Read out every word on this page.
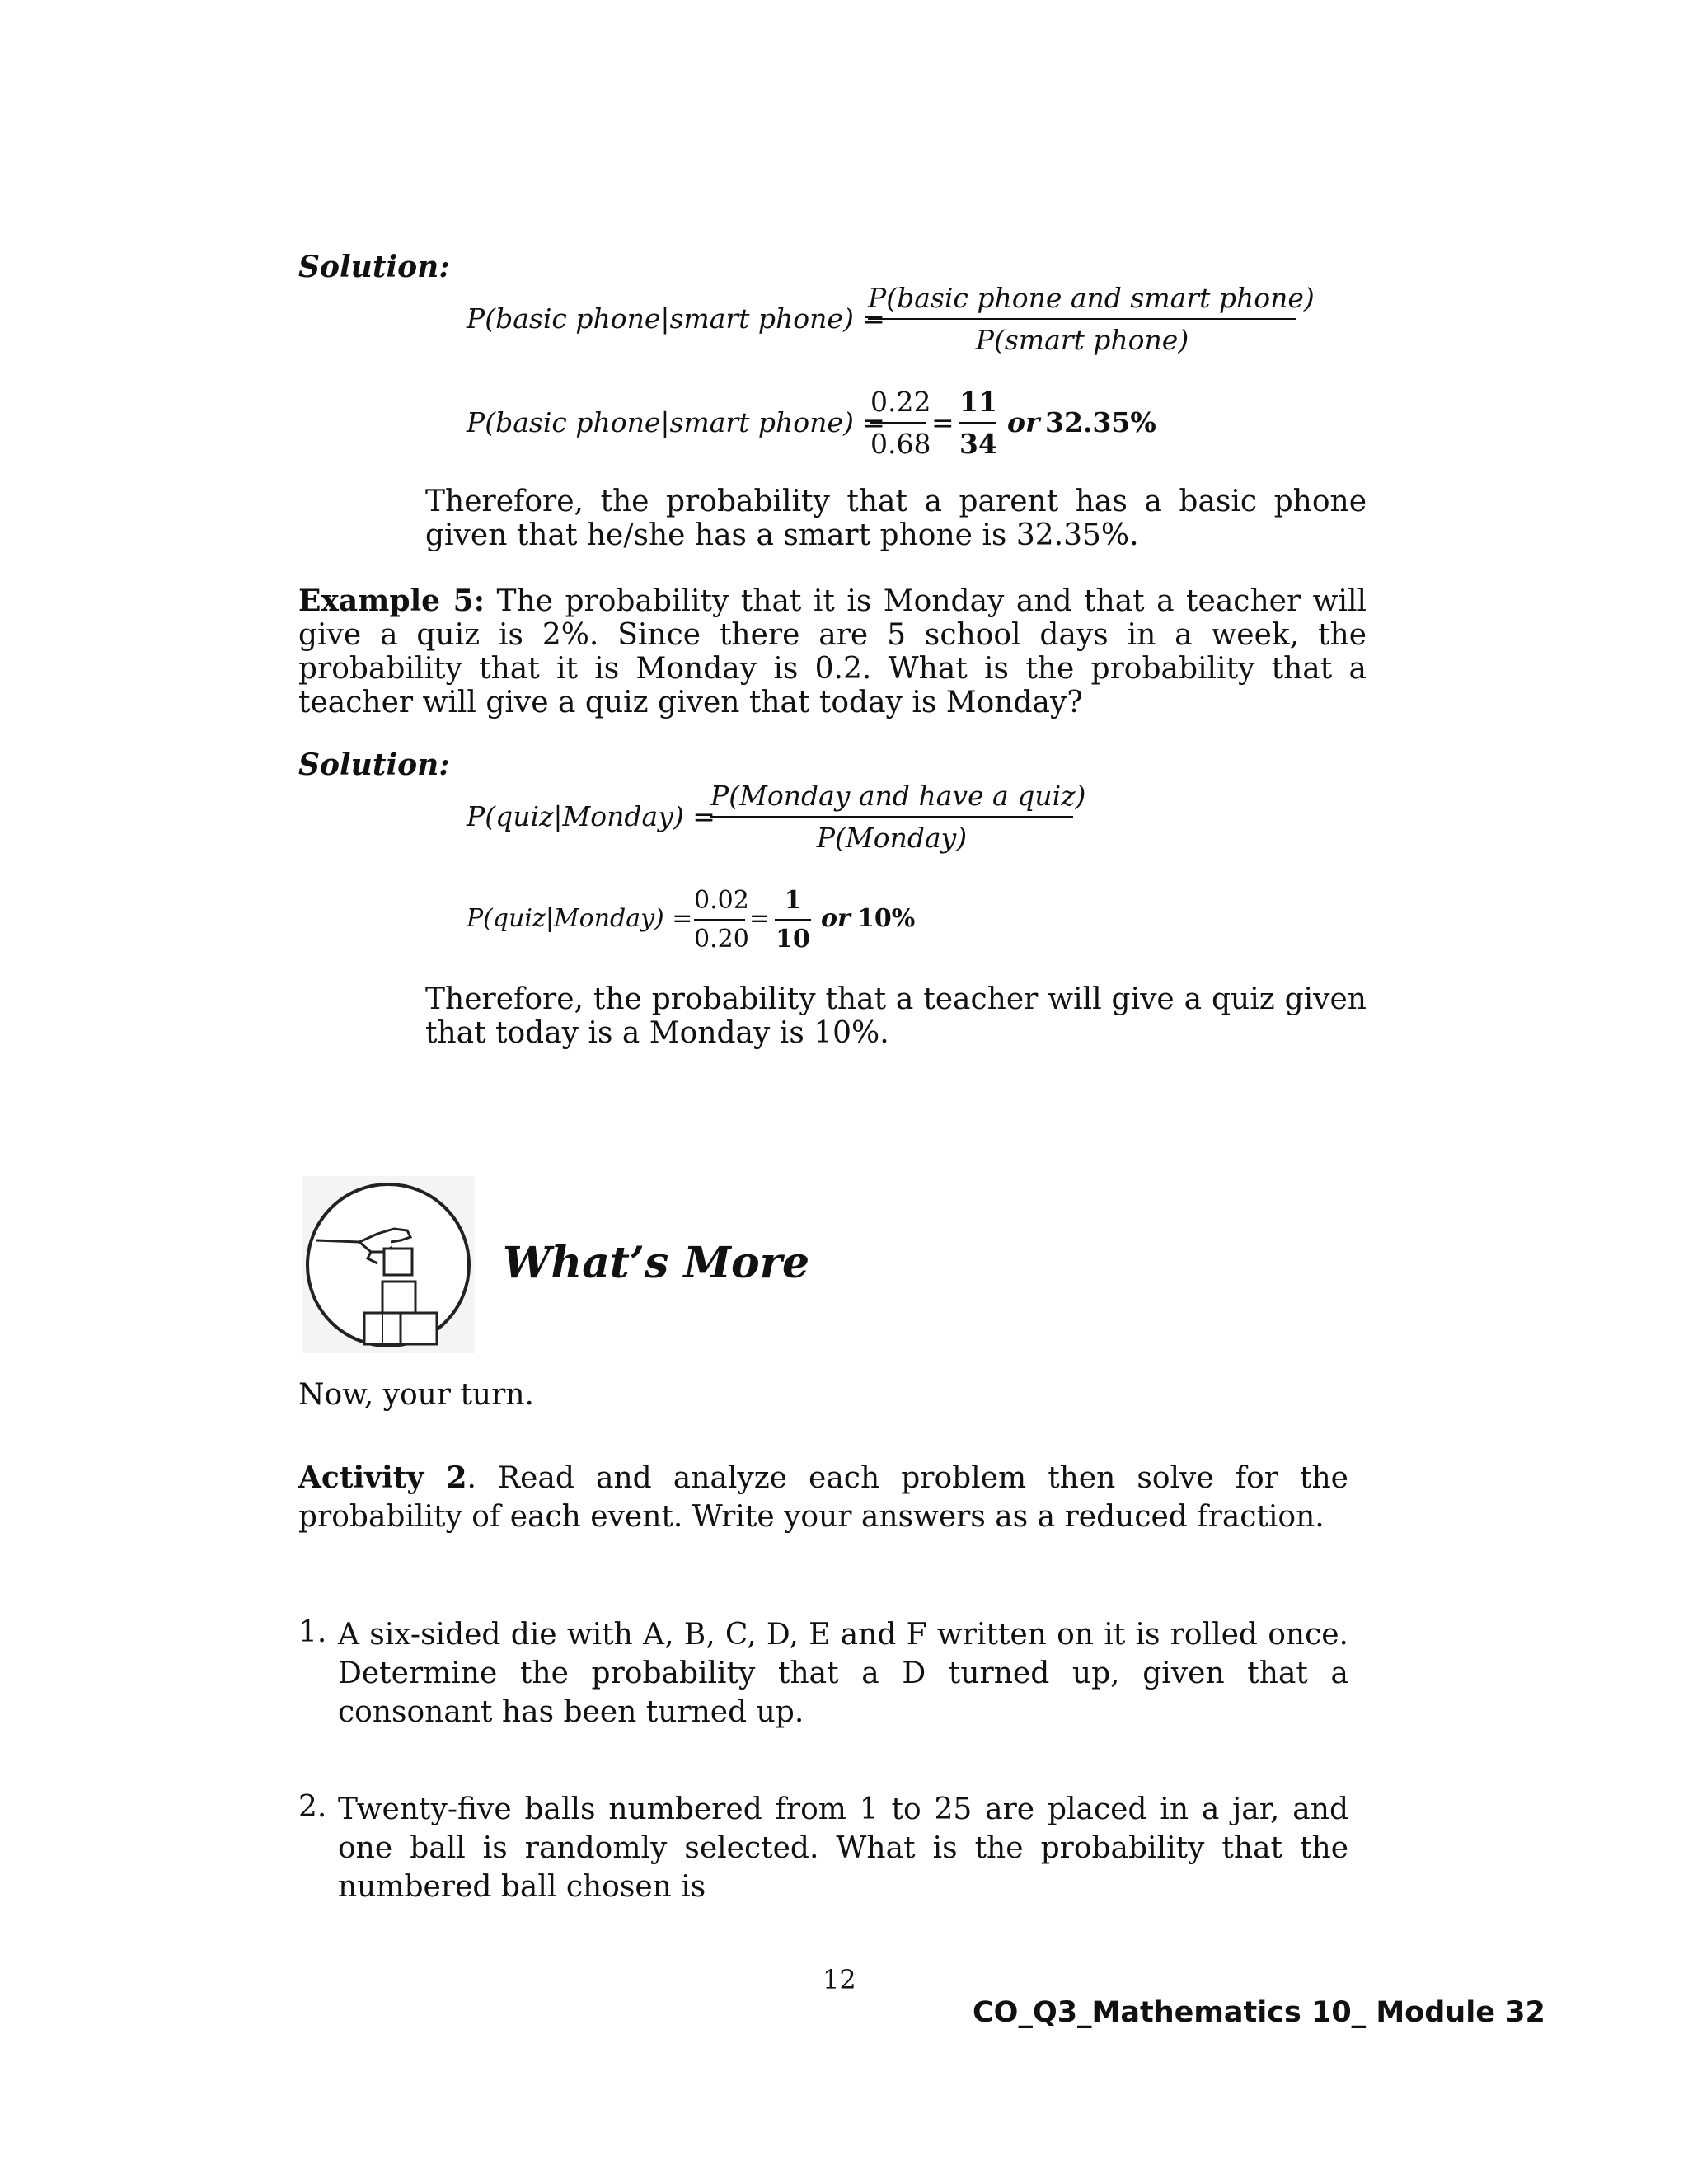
Solution:
P(basic phone|smart phone) =
P(basic phone and smart phone)
P(smart phone)
P(basic phone|smart phone) =
0.22
0.68
=
11
34
or 32.35%
Therefore, the probability that a parent has a basic phone given that he/she has a smart phone is 32.35%.
Example 5: The probability that it is Monday and that a teacher will give a quiz is 2%. Since there are 5 school days in a week, the probability that it is Monday is 0.2. What is the probability that a teacher will give a quiz given that today is Monday?
Solution:
P(quiz|Monday) =
P(Monday and have a quiz)
P(Monday)
P(quiz|Monday) =
0.02
0.20
=
1
10
or 10%
Therefore, the probability that a teacher will give a quiz given that today is a Monday is 10%.
What’s More
Now, your turn.
Activity 2. Read and analyze each problem then solve for the probability of each event. Write your answers as a reduced fraction.
1. A six-sided die with A, B, C, D, E and F written on it is rolled once. Determine the probability that a D turned up, given that a consonant has been turned up.
2. Twenty-five balls numbered from 1 to 25 are placed in a jar, and one ball is randomly selected. What is the probability that the numbered ball chosen is
12
CO_Q3_Mathematics 10_ Module 32
